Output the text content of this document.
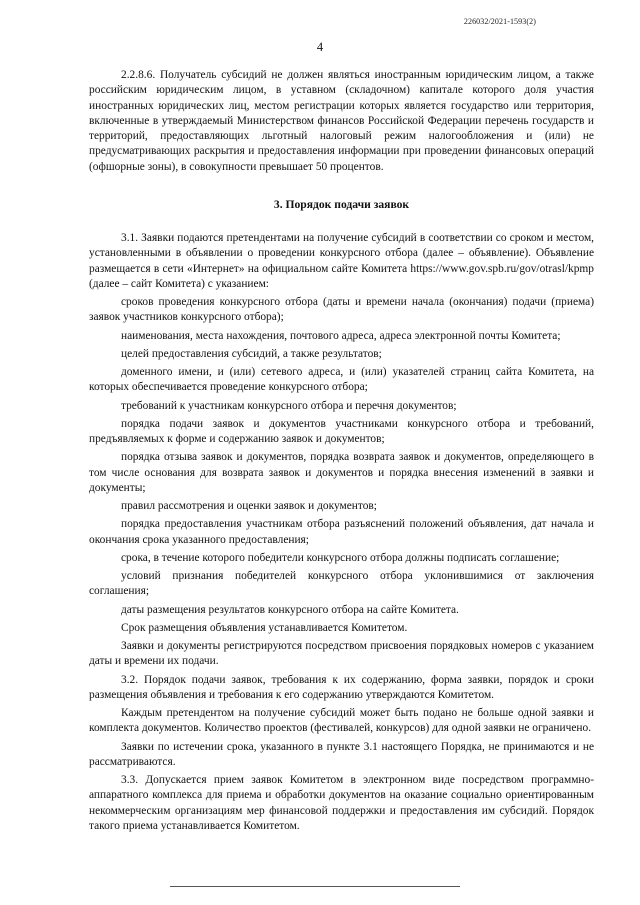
226032/2021-1593(2)
4

2.2.8.6. Получатель субсидий не должен являться иностранным юридическим лицом, а также российским юридическим лицом, в уставном (складочном) капитале которого доля участия иностранных юридических лиц, местом регистрации которых является государство или территория, включенные в утверждаемый Министерством финансов Российской Федерации перечень государств и территорий, предоставляющих льготный налоговый режим налогообложения и (или) не предусматривающих раскрытия и предоставления информации при проведении финансовых операций (офшорные зоны), в совокупности превышает 50 процентов.

3. Порядок подачи заявок

3.1. Заявки подаются претендентами на получение субсидий в соответствии со сроком и местом, установленными в объявлении о проведении конкурсного отбора (далее – объявление). Объявление размещается в сети «Интернет» на официальном сайте Комитета https://www.gov.spb.ru/gov/otrasl/kpmp (далее – сайт Комитета) с указанием:

сроков проведения конкурсного отбора (даты и времени начала (окончания) подачи (приема) заявок участников конкурсного отбора);

наименования, места нахождения, почтового адреса, адреса электронной почты Комитета;

целей предоставления субсидий, а также результатов;

доменного имени, и (или) сетевого адреса, и (или) указателей страниц сайта Комитета, на которых обеспечивается проведение конкурсного отбора;

требований к участникам конкурсного отбора и перечня документов;

порядка подачи заявок и документов участниками конкурсного отбора и требований, предъявляемых к форме и содержанию заявок и документов;

порядка отзыва заявок и документов, порядка возврата заявок и документов, определяющего в том числе основания для возврата заявок и документов и порядка внесения изменений в заявки и документы;

правил рассмотрения и оценки заявок и документов;

порядка предоставления участникам отбора разъяснений положений объявления, дат начала и окончания срока указанного предоставления;

срока, в течение которого победители конкурсного отбора должны подписать соглашение;

условий признания победителей конкурсного отбора уклонившимися от заключения соглашения;

даты размещения результатов конкурсного отбора на сайте Комитета.

Срок размещения объявления устанавливается Комитетом.

Заявки и документы регистрируются посредством присвоения порядковых номеров с указанием даты и времени их подачи.

3.2. Порядок подачи заявок, требования к их содержанию, форма заявки, порядок и сроки размещения объявления и требования к его содержанию утверждаются Комитетом.

Каждым претендентом на получение субсидий может быть подано не больше одной заявки и комплекта документов. Количество проектов (фестивалей, конкурсов) для одной заявки не ограничено.

Заявки по истечении срока, указанного в пункте 3.1 настоящего Порядка, не принимаются и не рассматриваются.

3.3. Допускается прием заявок Комитетом в электронном виде посредством программно-аппаратного комплекса для приема и обработки документов на оказание социально ориентированным некоммерческим организациям мер финансовой поддержки и предоставления им субсидий. Порядок такого приема устанавливается Комитетом.
